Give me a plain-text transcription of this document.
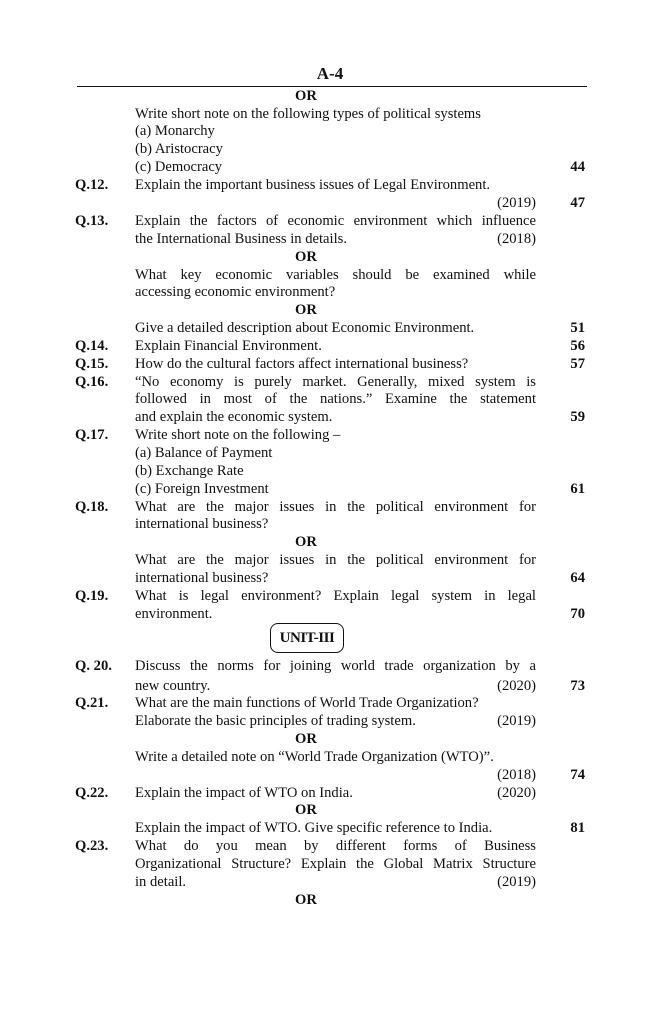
A-4
UNIT-III
OR
Write short note on the following types of political systems
(a) Monarchy
(b) Aristocracy
(c) Democracy	44
Q.12. Explain the important business issues of Legal Environment.
(2019) 47
Q.13. Explain the factors of economic environment which influence
the International Business in details.	(2018)
OR
What key economic variables should be examined while
accessing economic environment?
OR
Give a detailed description about Economic Environment.	51
Q.14. Explain Financial Environment.	56
Q.15. How do the cultural factors affect international business?	57
Q.16. “No economy is purely market. Generally, mixed system is
followed in most of the nations.” Examine the statement
and explain the economic system.	59
Q.17. Write short note on the following –
(a) Balance of Payment
(b) Exchange Rate
(c) Foreign Investment	61
Q.18. What are the major issues in the political environment for
international business?
OR
What are the major issues in the political environment for
international business?	64
Q.19. What is legal environment? Explain legal system in legal
environment.	70
Q. 20. Discuss the norms for joining world trade organization by a
new country.	(2020) 73
Q.21. What are the main functions of World Trade Organization?
Elaborate the basic principles of trading system.	(2019)
OR
Write a detailed note on “World Trade Organization (WTO)”.
(2018) 74
Q.22. Explain the impact of WTO on India.	(2020)
OR
Explain the impact of WTO. Give specific reference to India.	81
Q.23. What do you mean by different forms of Business
Organizational Structure? Explain the Global Matrix Structure
in detail.	(2019)
OR
